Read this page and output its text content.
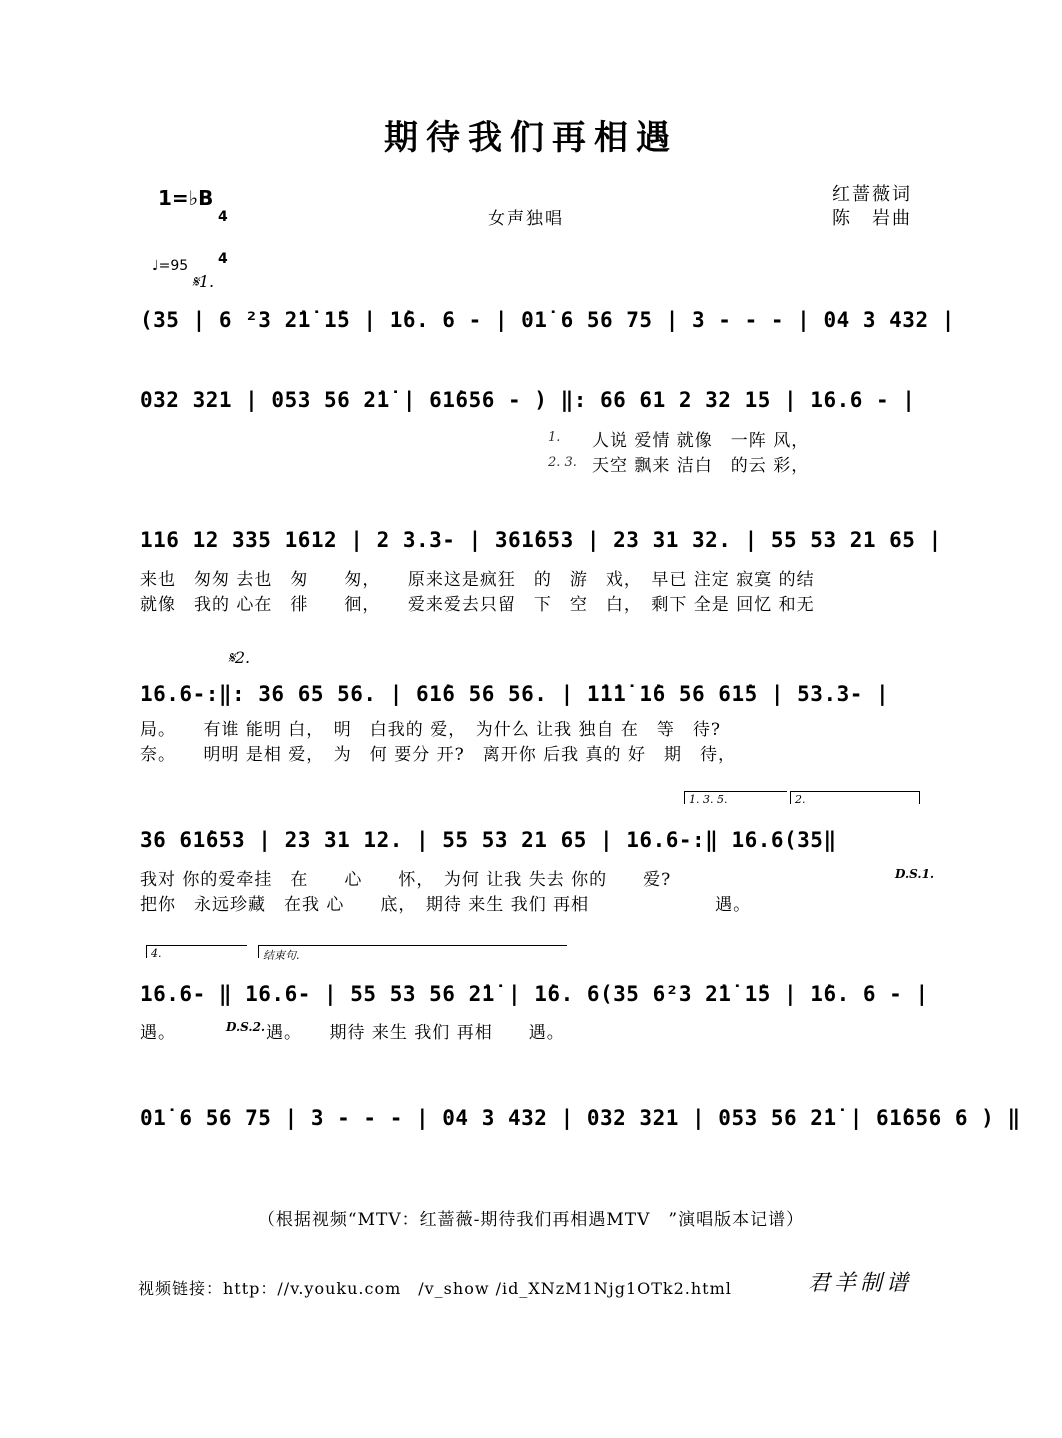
期待我们再相遇
1=♭B

4

4

女声独唱
红蔷薇词
陈　岩曲
♩=95
𝄋1.
(35 | 6 ²3 2̇1̇ 1̇5 | 1̇6. 6 - | 01̇ 6 56 75 | 3 - - - | 04 3 432 |
032 321 | 053 56 2̇1̇ | 61̇656 - ) ‖: 66 61 2 32 15 | 16.6 - |
1.
2. 3.
人说 爱情 就像　一阵 风，
天空 飘来 洁白　的云 彩，
116 12 335 1612 | 2 3.3- | 361̇653 | 23 31 32. | 55 53 21 65 |
来也　匆匆 去也　匆　　匆，　　原来这是疯狂　的　游　戏，　早已 注定 寂寞 的结
就像　我的 心在　徘　　徊，　　爱来爱去只留　下　空　白，　剩下 全是 回忆 和无
𝄋2.
16.6-:‖: 36 65 56. | 61̇6 56 56. | 1̇1̇1̇ 1̇6 56 61̇5 | 53.3- |
局。　　有谁 能明 白，　明　白我的 爱，　为什么 让我 独自 在　等　待?
奈。　　明明 是相 爱，　为　何 要分 开?　离开你 后我 真的 好　期　待，
1. 3. 5.	2.
36 61̇653 | 23 31 12. | 55 53 21 65 | 16.6-:‖ 16.6(35‖
D.S.1.
我对 你的爱牵挂　在　　心　　怀，　为何 让我 失去 你的　　爱?
把你　永远珍藏　在我 心　　底，　期待 来生 我们 再相　　　　　　　遇。
4.	结束句.
16.6- ‖ 16.6- | 55 53 56 2̇1̇ | 1̇6. 6(35 6²3 2̇1̇ 1̇5 | 1̇6. 6 - |
遇。	D.S.2. 遇。　　期待 来生 我们 再相　　遇。
01̇ 6 56 75 | 3 - - - | 04 3 432 | 032 321 | 053 56 2̇1̇ | 61̇656 6 ) ‖
（根据视频“MTV：红蔷薇-期待我们再相遇MTV　”演唱版本记谱）
视频链接：http：//v.youku.com　/v_show /id_XNzM1Njg1OTk2.html	君羊制谱
